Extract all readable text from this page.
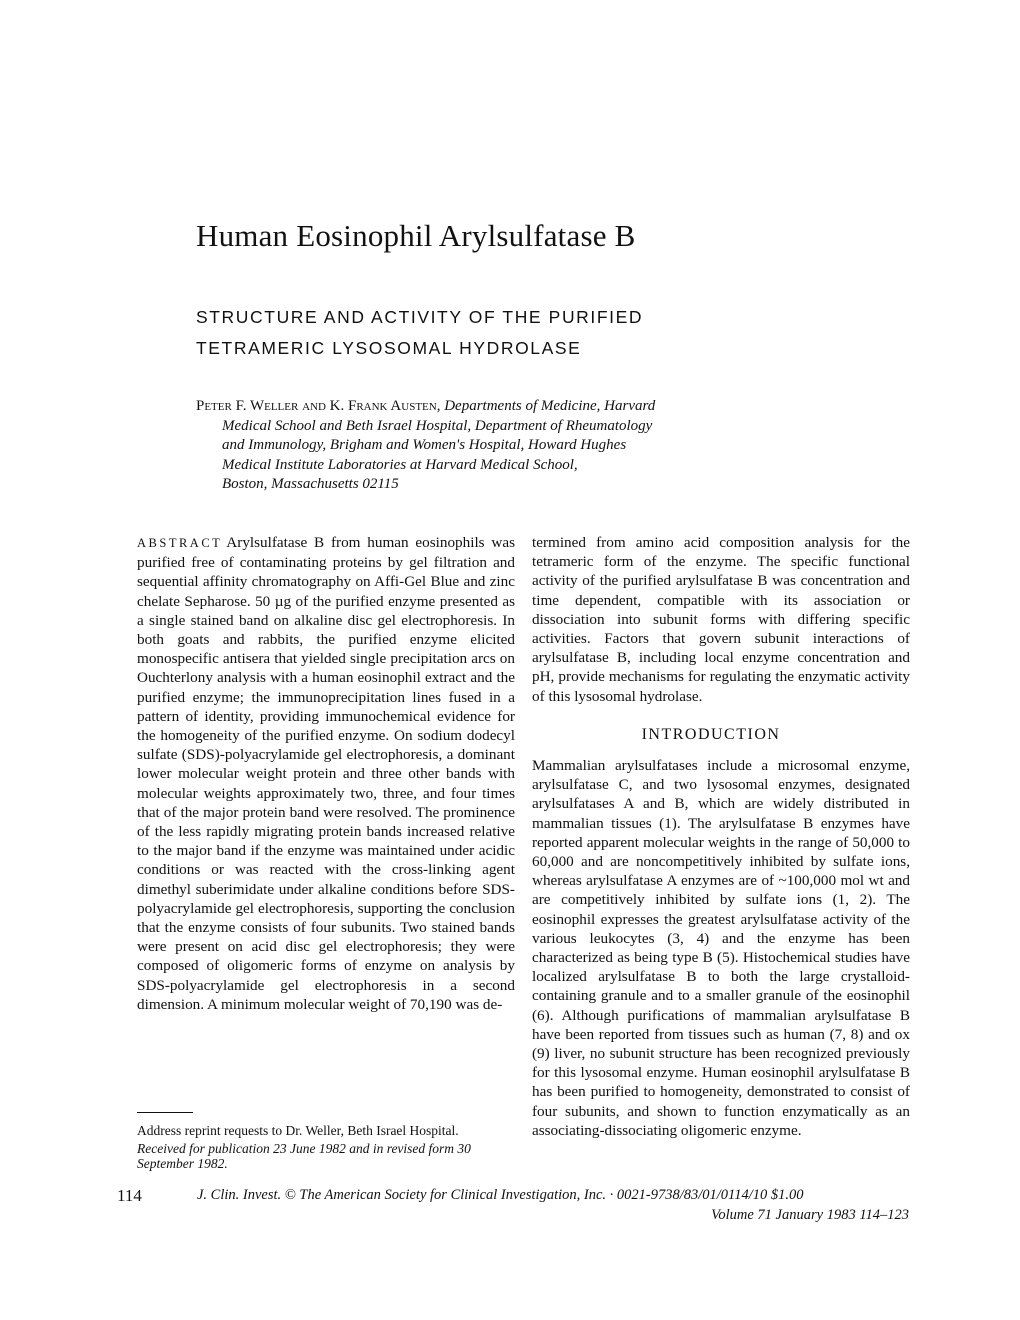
Human Eosinophil Arylsulfatase B
STRUCTURE AND ACTIVITY OF THE PURIFIED
TETRAMERIC LYSOSOMAL HYDROLASE
Peter F. Weller and K. Frank Austen, Departments of Medicine, Harvard
Medical School and Beth Israel Hospital, Department of Rheumatology
and Immunology, Brigham and Women's Hospital, Howard Hughes
Medical Institute Laboratories at Harvard Medical School,
Boston, Massachusetts 02115

ABSTRACT Arylsulfatase B from human eosinophils was purified free of contaminating proteins by gel filtration and sequential affinity chromatography on Affi-Gel Blue and zinc chelate Sepharose. 50 µg of the purified enzyme presented as a single stained band on alkaline disc gel electrophoresis. In both goats and rabbits, the purified enzyme elicited monospecific antisera that yielded single precipitation arcs on Ouchterlony analysis with a human eosinophil extract and the purified enzyme; the immunoprecipitation lines fused in a pattern of identity, providing immunochemical evidence for the homogeneity of the purified enzyme. On sodium dodecyl sulfate (SDS)-polyacrylamide gel electrophoresis, a dominant lower molecular weight protein and three other bands with molecular weights approximately two, three, and four times that of the major protein band were resolved. The prominence of the less rapidly migrating protein bands increased relative to the major band if the enzyme was maintained under acidic conditions or was reacted with the cross-linking agent dimethyl suberimidate under alkaline conditions before SDS-polyacrylamide gel electrophoresis, supporting the conclusion that the enzyme consists of four subunits. Two stained bands were present on acid disc gel electrophoresis; they were composed of oligomeric forms of enzyme on analysis by SDS-polyacrylamide gel electrophoresis in a second dimension. A minimum molecular weight of 70,190 was de-

termined from amino acid composition analysis for the tetrameric form of the enzyme. The specific functional activity of the purified arylsulfatase B was concentration and time dependent, compatible with its association or dissociation into subunit forms with differing specific activities. Factors that govern subunit interactions of arylsulfatase B, including local enzyme concentration and pH, provide mechanisms for regulating the enzymatic activity of this lysosomal hydrolase.

INTRODUCTION

Mammalian arylsulfatases include a microsomal enzyme, arylsulfatase C, and two lysosomal enzymes, designated arylsulfatases A and B, which are widely distributed in mammalian tissues (1). The arylsulfatase B enzymes have reported apparent molecular weights in the range of 50,000 to 60,000 and are noncompetitively inhibited by sulfate ions, whereas arylsulfatase A enzymes are of ~100,000 mol wt and are competitively inhibited by sulfate ions (1, 2). The eosinophil expresses the greatest arylsulfatase activity of the various leukocytes (3, 4) and the enzyme has been characterized as being type B (5). Histochemical studies have localized arylsulfatase B to both the large crystalloid-containing granule and to a smaller granule of the eosinophil (6). Although purifications of mammalian arylsulfatase B have been reported from tissues such as human (7, 8) and ox (9) liver, no subunit structure has been recognized previously for this lysosomal enzyme. Human eosinophil arylsulfatase B has been purified to homogeneity, demonstrated to consist of four subunits, and shown to function enzymatically as an associating-dissociating oligomeric enzyme.

Address reprint requests to Dr. Weller, Beth Israel Hospital.

Received for publication 23 June 1982 and in revised form 30 September 1982.

114	J. Clin. Invest. © The American Society for Clinical Investigation, Inc. · 0021-9738/83/01/0114/10 $1.00
Volume 71 January 1983 114–123
